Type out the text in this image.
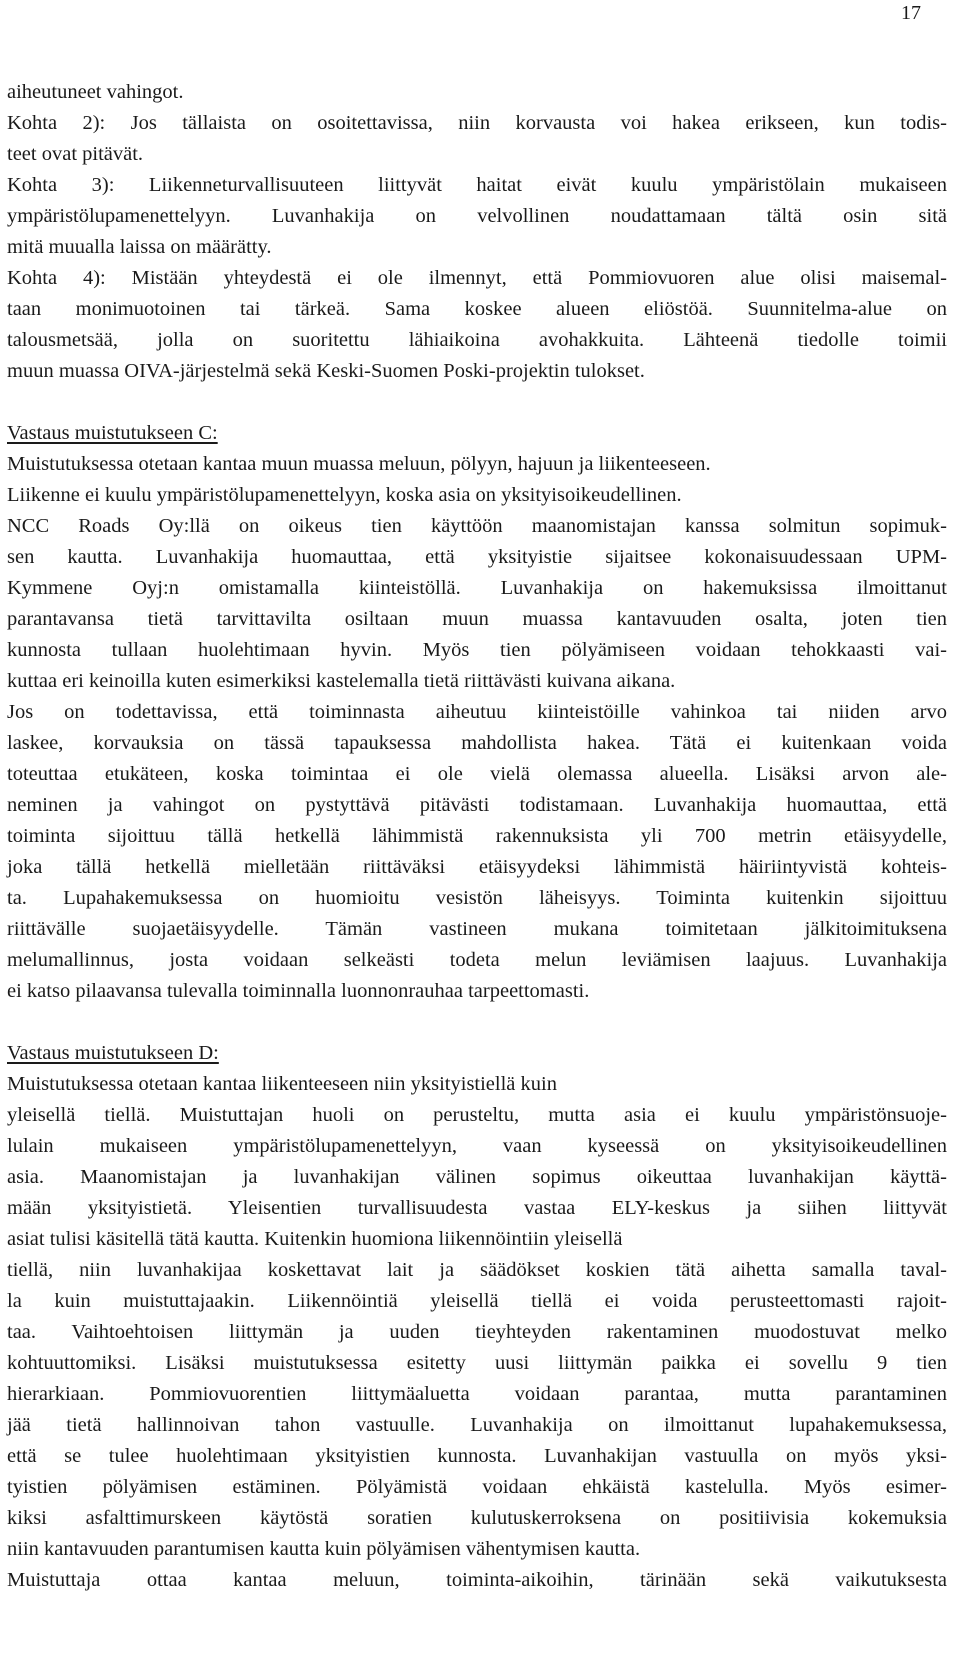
17
aiheutuneet vahingot.
Kohta 2): Jos tällaista on osoitettavissa, niin korvausta voi hakea erikseen, kun todis-
teet ovat pitävät.
Kohta 3): Liikenneturvallisuuteen liittyvät haitat eivät kuulu ympäristölain mukaiseen
ympäristölupamenettelyyn. Luvanhakija on velvollinen noudattamaan tältä osin sitä
mitä muualla laissa on määrätty.
Kohta 4): Mistään yhteydestä ei ole ilmennyt, että Pommiovuoren alue olisi maisemal-
taan monimuotoinen tai tärkeä. Sama koskee alueen eliöstöä. Suunnitelma-alue on
talousmetsää, jolla on suoritettu lähiaikoina avohakkuita. Lähteenä tiedolle toimii
muun muassa OIVA-järjestelmä sekä Keski-Suomen Poski-projektin tulokset.
Vastaus muistutukseen C:
Muistutuksessa otetaan kantaa muun muassa meluun, pölyyn, hajuun ja liikenteeseen.
Liikenne ei kuulu ympäristölupamenettelyyn, koska asia on yksityisoikeudellinen.
NCC Roads Oy:llä on oikeus tien käyttöön maanomistajan kanssa solmitun sopimuk-
sen kautta. Luvanhakija huomauttaa, että yksityistie sijaitsee kokonaisuudessaan UPM-
Kymmene Oyj:n omistamalla kiinteistöllä. Luvanhakija on hakemuksissa ilmoittanut
parantavansa tietä tarvittavilta osiltaan muun muassa kantavuuden osalta, joten tien
kunnosta tullaan huolehtimaan hyvin. Myös tien pölyämiseen voidaan tehokkaasti vai-
kuttaa eri keinoilla kuten esimerkiksi kastelemalla tietä riittävästi kuivana aikana.
Jos on todettavissa, että toiminnasta aiheutuu kiinteistöille vahinkoa tai niiden arvo
laskee, korvauksia on tässä tapauksessa mahdollista hakea. Tätä ei kuitenkaan voida
toteuttaa etukäteen, koska toimintaa ei ole vielä olemassa alueella. Lisäksi arvon ale-
neminen ja vahingot on pystyttävä pitävästi todistamaan. Luvanhakija huomauttaa, että
toiminta sijoittuu tällä hetkellä lähimmistä rakennuksista yli 700 metrin etäisyydelle,
joka tällä hetkellä mielletään riittäväksi etäisyydeksi lähimmistä häiriintyvistä kohteis-
ta. Lupahakemuksessa on huomioitu vesistön läheisyys. Toiminta kuitenkin sijoittuu
riittävälle suojaetäisyydelle. Tämän vastineen mukana toimitetaan jälkitoimituksena
melumallinnus, josta voidaan selkeästi todeta melun leviämisen laajuus. Luvanhakija
ei katso pilaavansa tulevalla toiminnalla luonnonrauhaa tarpeettomasti.
Vastaus muistutukseen D:
Muistutuksessa otetaan kantaa liikenteeseen niin yksityistiellä kuin
yleisellä tiellä. Muistuttajan huoli on perusteltu, mutta asia ei kuulu ympäristönsuoje-
lulain mukaiseen ympäristölupamenettelyyn, vaan kyseessä on yksityisoikeudellinen
asia. Maanomistajan ja luvanhakijan välinen sopimus oikeuttaa luvanhakijan käyttä-
mään yksityistietä. Yleisentien turvallisuudesta vastaa ELY-keskus ja siihen liittyvät
asiat tulisi käsitellä tätä kautta. Kuitenkin huomiona liikennöintiin yleisellä
tiellä, niin luvanhakijaa koskettavat lait ja säädökset koskien tätä aihetta samalla taval-
la kuin muistuttajaakin. Liikennöintiä yleisellä tiellä ei voida perusteettomasti rajoit-
taa. Vaihtoehtoisen liittymän ja uuden tieyhteyden rakentaminen muodostuvat melko
kohtuuttomiksi. Lisäksi muistutuksessa esitetty uusi liittymän paikka ei sovellu 9 tien
hierarkiaan. Pommiovuorentien liittymäaluetta voidaan parantaa, mutta parantaminen
jää tietä hallinnoivan tahon vastuulle. Luvanhakija on ilmoittanut lupahakemuksessa,
että se tulee huolehtimaan yksityistien kunnosta. Luvanhakijan vastuulla on myös yksi-
tyistien pölyämisen estäminen. Pölyämistä voidaan ehkäistä kastelulla. Myös esimer-
kiksi asfalttimurskeen käytöstä soratien kulutuskerroksena on positiivisia kokemuksia
niin kantavuuden parantumisen kautta kuin pölyämisen vähentymisen kautta.
Muistuttaja ottaa kantaa meluun, toiminta-aikoihin, tärinään sekä vaikutuksesta
